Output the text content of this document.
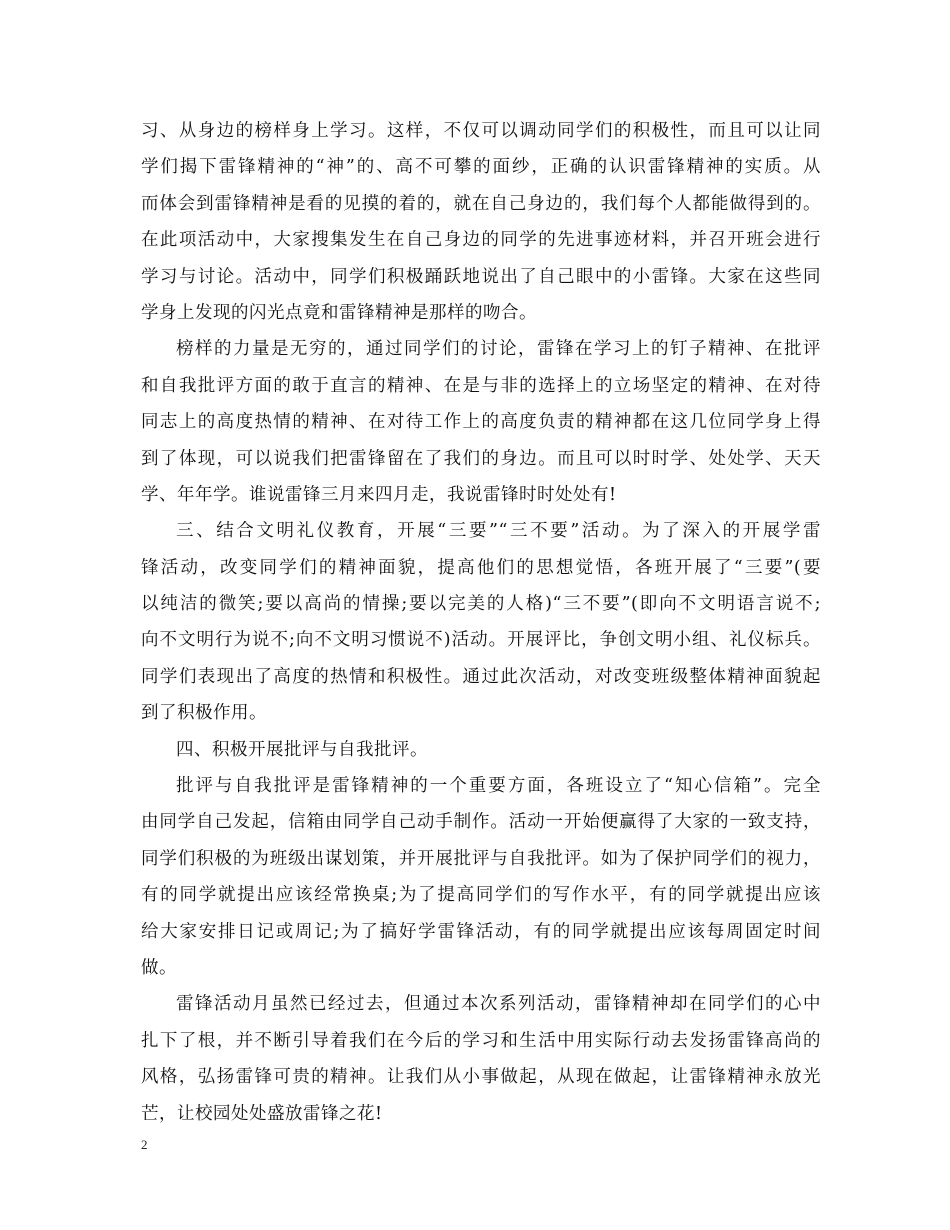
习、从身边的榜样身上学习。这样，不仅可以调动同学们的积极性，而且可以让同
学们揭下雷锋精神的“神”的、高不可攀的面纱，正确的认识雷锋精神的实质。从
而体会到雷锋精神是看的见摸的着的，就在自己身边的，我们每个人都能做得到的。
在此项活动中，大家搜集发生在自己身边的同学的先进事迹材料，并召开班会进行
学习与讨论。活动中，同学们积极踊跃地说出了自己眼中的小雷锋。大家在这些同
学身上发现的闪光点竟和雷锋精神是那样的吻合。
榜样的力量是无穷的，通过同学们的讨论，雷锋在学习上的钉子精神、在批评
和自我批评方面的敢于直言的精神、在是与非的选择上的立场坚定的精神、在对待
同志上的高度热情的精神、在对待工作上的高度负责的精神都在这几位同学身上得
到了体现，可以说我们把雷锋留在了我们的身边。而且可以时时学、处处学、天天
学、年年学。谁说雷锋三月来四月走，我说雷锋时时处处有!
三、结合文明礼仪教育，开展“三要”“三不要”活动。为了深入的开展学雷
锋活动，改变同学们的精神面貌，提高他们的思想觉悟，各班开展了“三要”(要
以纯洁的微笑;要以高尚的情操;要以完美的人格)“三不要”(即向不文明语言说不;
向不文明行为说不;向不文明习惯说不)活动。开展评比，争创文明小组、礼仪标兵。
同学们表现出了高度的热情和积极性。通过此次活动，对改变班级整体精神面貌起
到了积极作用。
四、积极开展批评与自我批评。
批评与自我批评是雷锋精神的一个重要方面，各班设立了“知心信箱”。完全
由同学自己发起，信箱由同学自己动手制作。活动一开始便赢得了大家的一致支持，
同学们积极的为班级出谋划策，并开展批评与自我批评。如为了保护同学们的视力，
有的同学就提出应该经常换桌;为了提高同学们的写作水平，有的同学就提出应该
给大家安排日记或周记;为了搞好学雷锋活动，有的同学就提出应该每周固定时间
做。
雷锋活动月虽然已经过去，但通过本次系列活动，雷锋精神却在同学们的心中
扎下了根，并不断引导着我们在今后的学习和生活中用实际行动去发扬雷锋高尚的
风格，弘扬雷锋可贵的精神。让我们从小事做起，从现在做起，让雷锋精神永放光
芒，让校园处处盛放雷锋之花!
2
